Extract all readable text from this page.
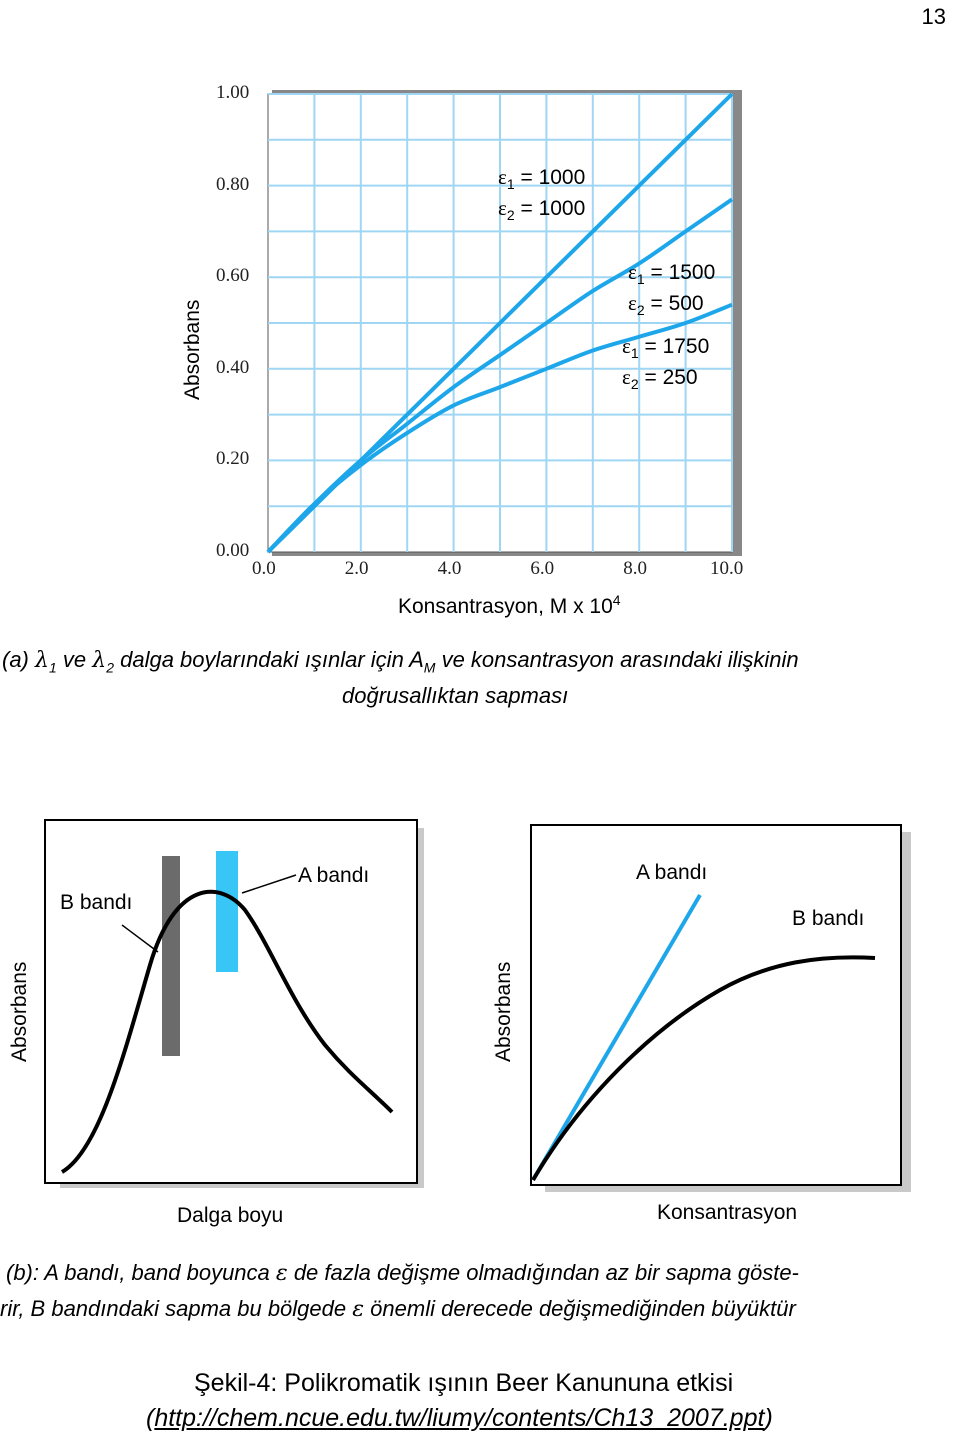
13
Absorbans
0.00
0.20
0.40
0.60
0.80
1.00
0.0	2.0	4.0	6.0	8.0	10.0
Konsantrasyon, M x $10^4$
$\varepsilon_1 = 1000$
$\varepsilon_2 = 1000$
$\varepsilon_1 = 1500$
$\varepsilon_2 = 500$
$\varepsilon_1 = 1750$
$\varepsilon_2 = 250$
(a) $\lambda_1$ ve $\lambda_2$ dalga boylarındaki ışınlar için $A_M$ ve konsantrasyon arasındaki ilişkinin
doğrusallıktan sapması
Absorbans
B bandı
A bandı
Dalga boyu
Absorbans
A bandı
B bandı
Konsantrasyon
(b): A bandı, band boyunca ε de fazla değişme olmadığından az bir sapma göste-
rir, B bandındaki sapma bu bölgede ε önemli derecede değişmediğinden büyüktür
Şekil-4: Polikromatik ışının Beer Kanununa etkisi
(http://chem.ncue.edu.tw/liumy/contents/Ch13_2007.ppt)
